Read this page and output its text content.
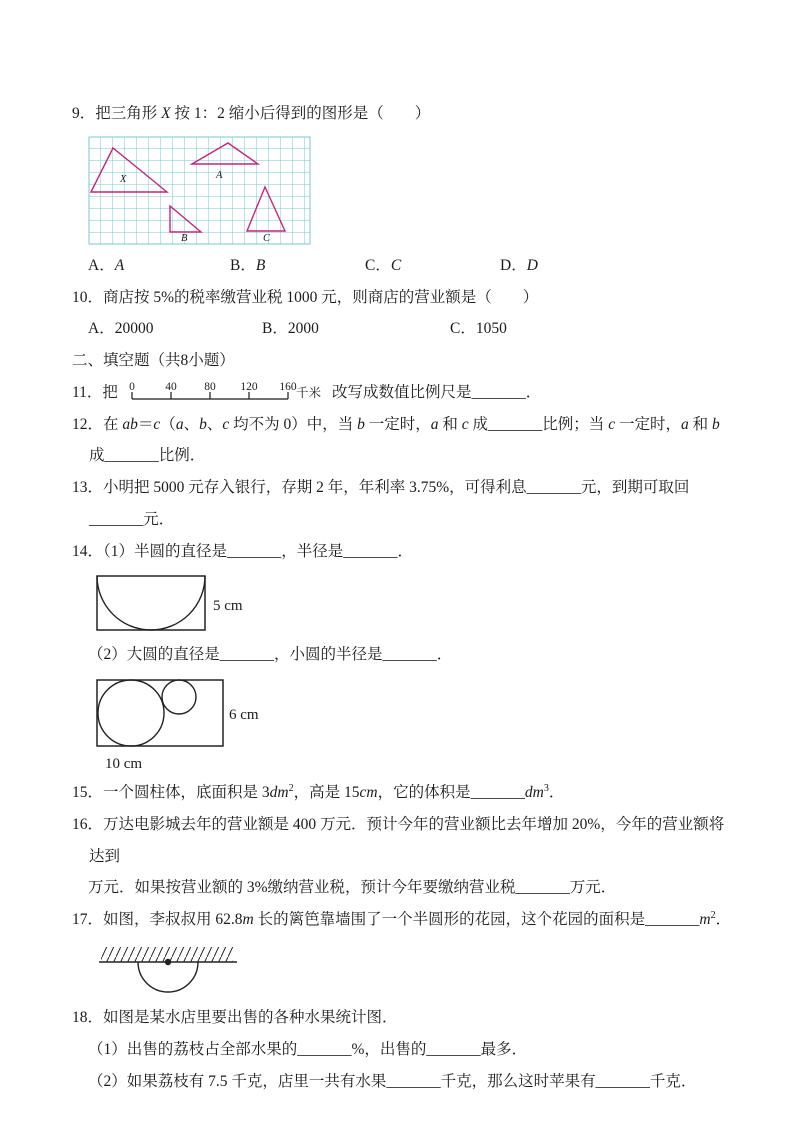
9．把三角形 X 按 1：2 缩小后得到的图形是（　　）
X	A
B	C
A．A	B．B	C．C	D．D
10．商店按 5%的税率缴营业税 1000 元，则商店的营业额是（　　）
A．20000	B．2000	C．1050
二、填空题（共8小题）
11．把 0	40 80 120 160 千米 改写成数值比例尺是_______．
12．在 ab＝c（a、b、c 均不为 0）中，当 b 一定时，a 和 c 成_______比例；当 c 一定时，a 和 b 成_______比例．
13．小明把 5000 元存入银行，存期 2 年，年利率 3.75%，可得利息_______元，到期可取回_______元．
14．（1）半圆的直径是_______，半径是_______．
5 cm
（2）大圆的直径是_______，小圆的半径是_______．
6 cm
10 cm
15．一个圆柱体，底面积是 $3dm^2$，高是 15cm，它的体积是$\_\_\_\_\_\_\_dm^3$．
16．万达电影城去年的营业额是 400 万元．预计今年的营业额比去年增加 20%，今年的营业额将达到
万元．如果按营业额的 3%缴纳营业税，预计今年要缴纳营业税_______万元．
17．如图，李叔叔用 62.8m 长的篱笆靠墙围了一个半圆形的花园，这个花园的面积是$\_\_\_\_\_\_\_m^2$．
18．如图是某水店里要出售的各种水果统计图．
（1）出售的荔枝占全部水果的_______%，出售的_______最多．
（2）如果荔枝有 7.5 千克，店里一共有水果_______千克，那么这时苹果有_______千克．
